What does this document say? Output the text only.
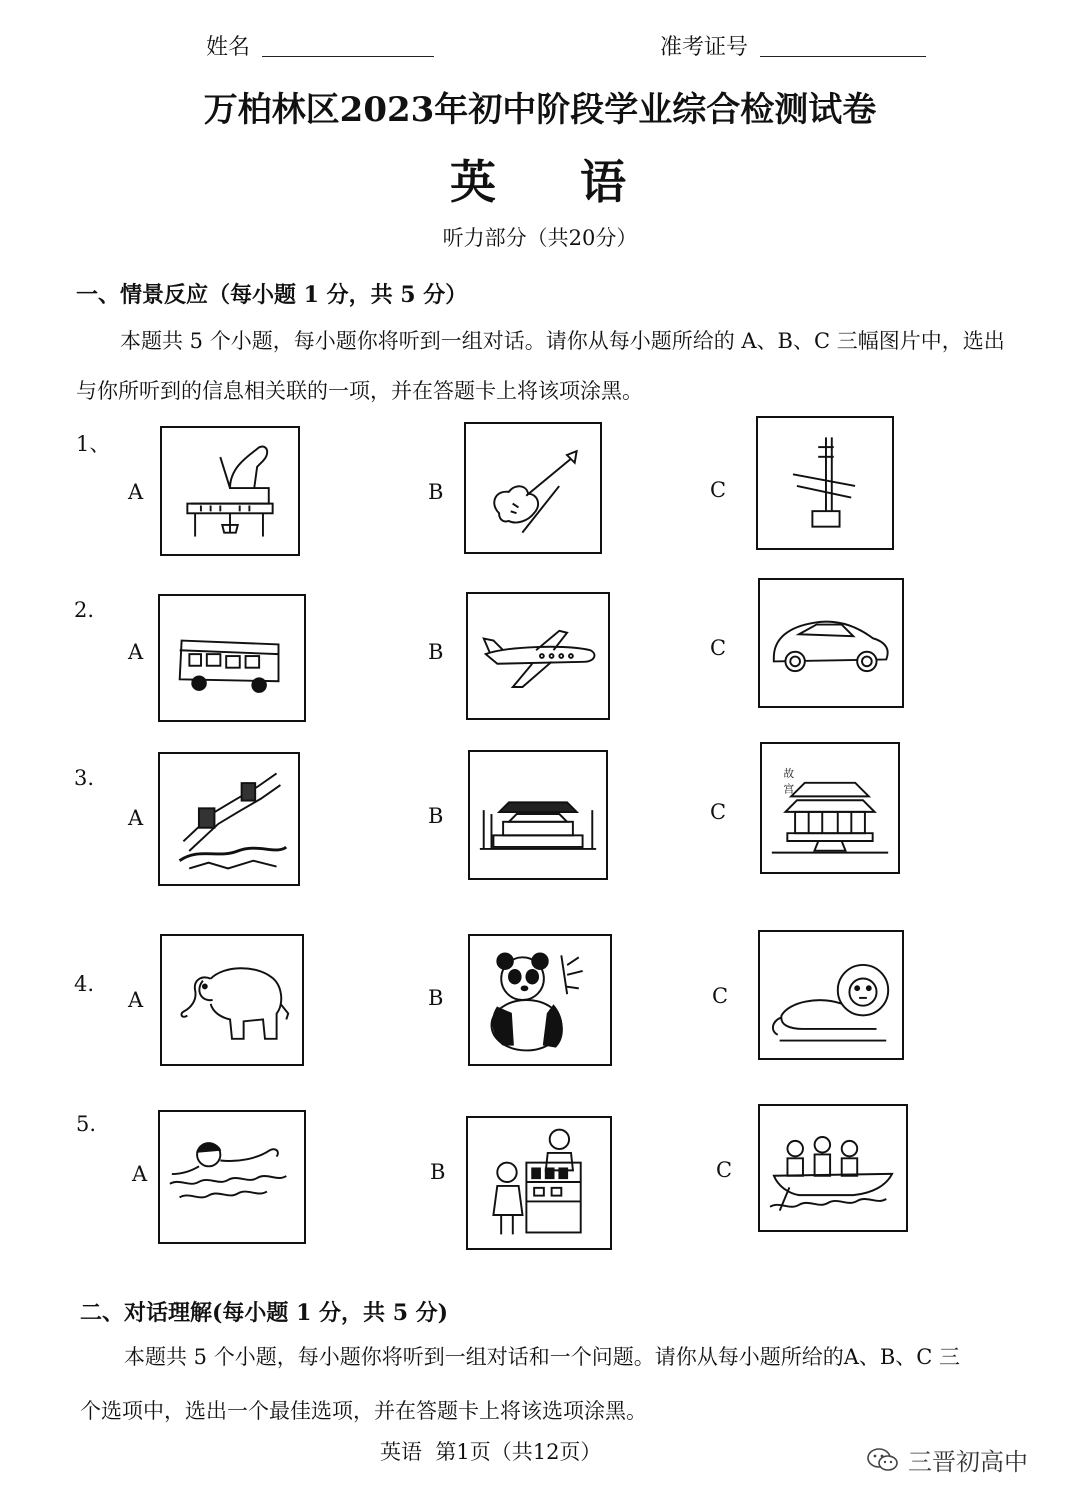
姓名	准考证号
万柏林区2023年初中阶段学业综合检测试卷
英    语
听力部分（共20分）
一、情景反应（每小题 1 分，共 5 分）
本题共 5 个小题，每小题你将听到一组对话。请你从每小题所给的 A、B、C 三幅图片中，选出
与你所听到的信息相关联的一项，并在答题卡上将该项涂黑。
1、
2.
3.
4.
5.
A	B	C
A	B	C
A	B	C
A	B	C
A	B	C
故
宫
二、对话理解(每小题 1 分，共 5 分)
本题共 5 个小题，每小题你将听到一组对话和一个问题。请你从每小题所给的A、B、C 三
个选项中，选出一个最佳选项，并在答题卡上将该选项涂黑。
英语  第1页（共12页）	三晋初高中
